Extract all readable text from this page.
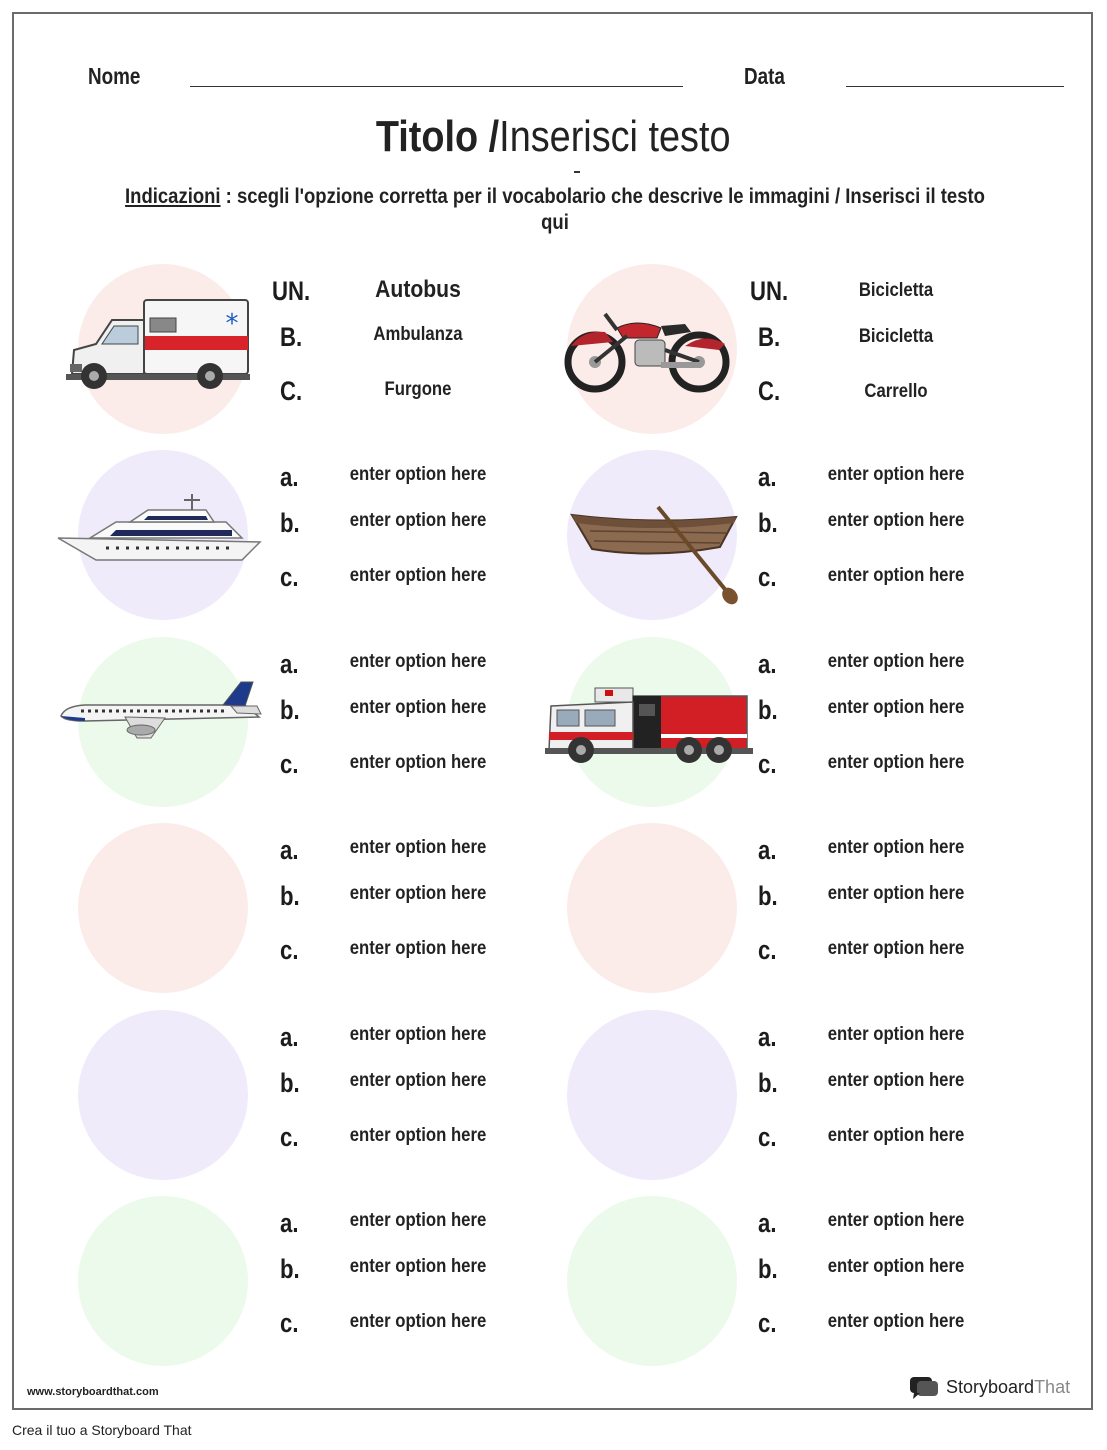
Nome	Data
Titolo /Inserisci testo
Indicazioni : scegli l'opzione corretta per il vocabolario che descrive le immagini / Inserisci il testo qui
*
UN.
B.
C.
Autobus
Ambulanza
Furgone
UN.
B.
C.
Bicicletta
Bicicletta
Carrello
a.
b.
c.
enter option here
enter option here
enter option here
a.
b.
c.
enter option here
enter option here
enter option here
a.
b.
c.
enter option here
enter option here
enter option here
a.
b.
c.
enter option here
enter option here
enter option here
a.
b.
c.
enter option here
enter option here
enter option here
a.
b.
c.
enter option here
enter option here
enter option here
a.
b.
c.
enter option here
enter option here
enter option here
a.
b.
c.
enter option here
enter option here
enter option here
a.
b.
c.
enter option here
enter option here
enter option here
a.
b.
c.
enter option here
enter option here
enter option here
www.storyboardthat.com	StoryboardThat
Crea il tuo a Storyboard That
